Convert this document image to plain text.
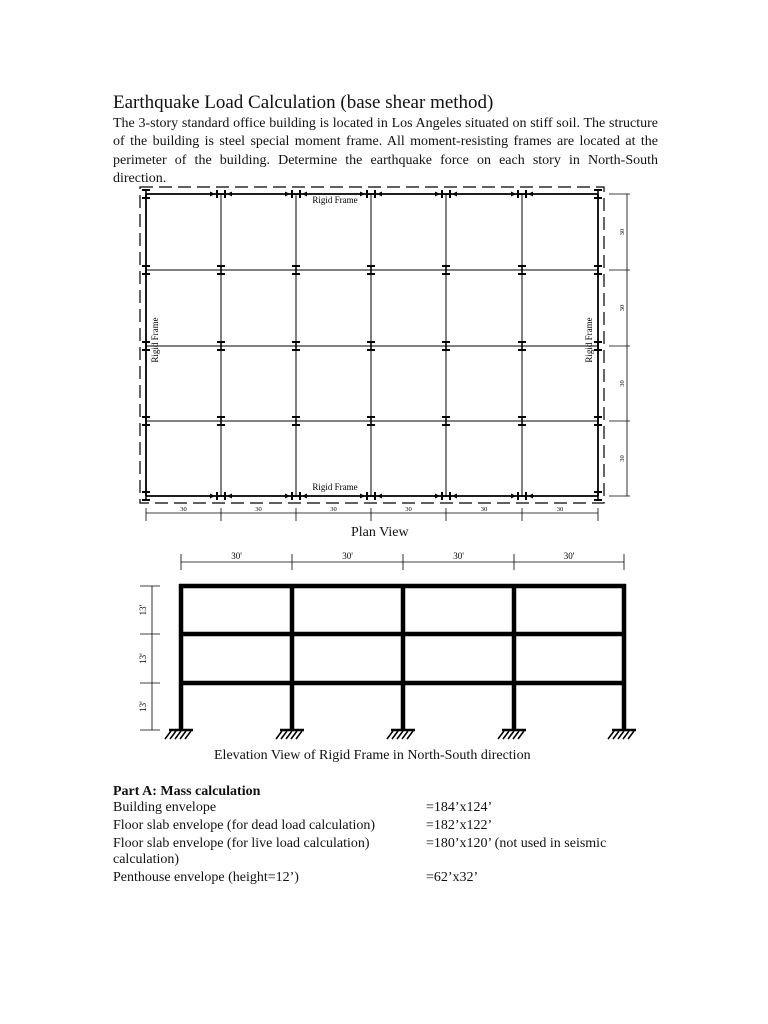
Earthquake Load Calculation (base shear method)
The 3-story standard office building is located in Los Angeles situated on stiff soil. The structure of the building is steel special moment frame. All moment-resisting frames are located at the perimeter of the building. Determine the earthquake force on each story in North-South direction.
30	30	30	30	30	30
30
30
30
30
Rigid Frame
Rigid Frame
Rigid Frame	Rigid Frame
30'	30'	30'	30'
13'
13'
13'
Plan View
Elevation View of Rigid Frame in North-South direction
Part A: Mass calculation
Building envelope	=184’x124’
Floor slab envelope (for dead load calculation)	=182’x122’
Floor slab envelope (for live load calculation)	=180’x120’ (not used in seismic
calculation)
Penthouse envelope (height=12’)	=62’x32’
